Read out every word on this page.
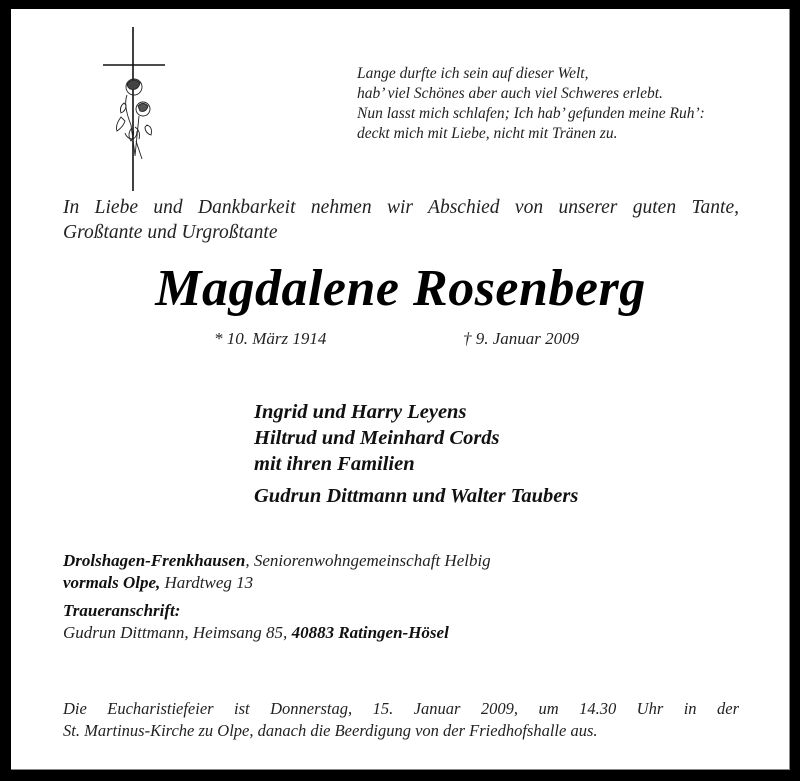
Lange durfte ich sein auf dieser Welt,
hab’ viel Schönes aber auch viel Schweres erlebt.
Nun lasst mich schlafen; Ich hab’ gefunden meine Ruh’:
deckt mich mit Liebe, nicht mit Tränen zu.
In Liebe und Dankbarkeit nehmen wir Abschied von unserer guten Tante,
Großtante und Urgroßtante
Magdalene Rosenberg
* 10. März 1914	† 9. Januar 2009
Ingrid und Harry Leyens
Hiltrud und Meinhard Cords
mit ihren Familien
Gudrun Dittmann und Walter Taubers
Drolshagen-Frenkhausen, Seniorenwohngemeinschaft Helbig
vormals Olpe, Hardtweg 13
Traueranschrift:
Gudrun Dittmann, Heimsang 85, 40883 Ratingen-Hösel
Die Eucharistiefeier ist Donnerstag, 15. Januar 2009, um 14.30 Uhr in der
St. Martinus-Kirche zu Olpe, danach die Beerdigung von der Friedhofshalle aus.
